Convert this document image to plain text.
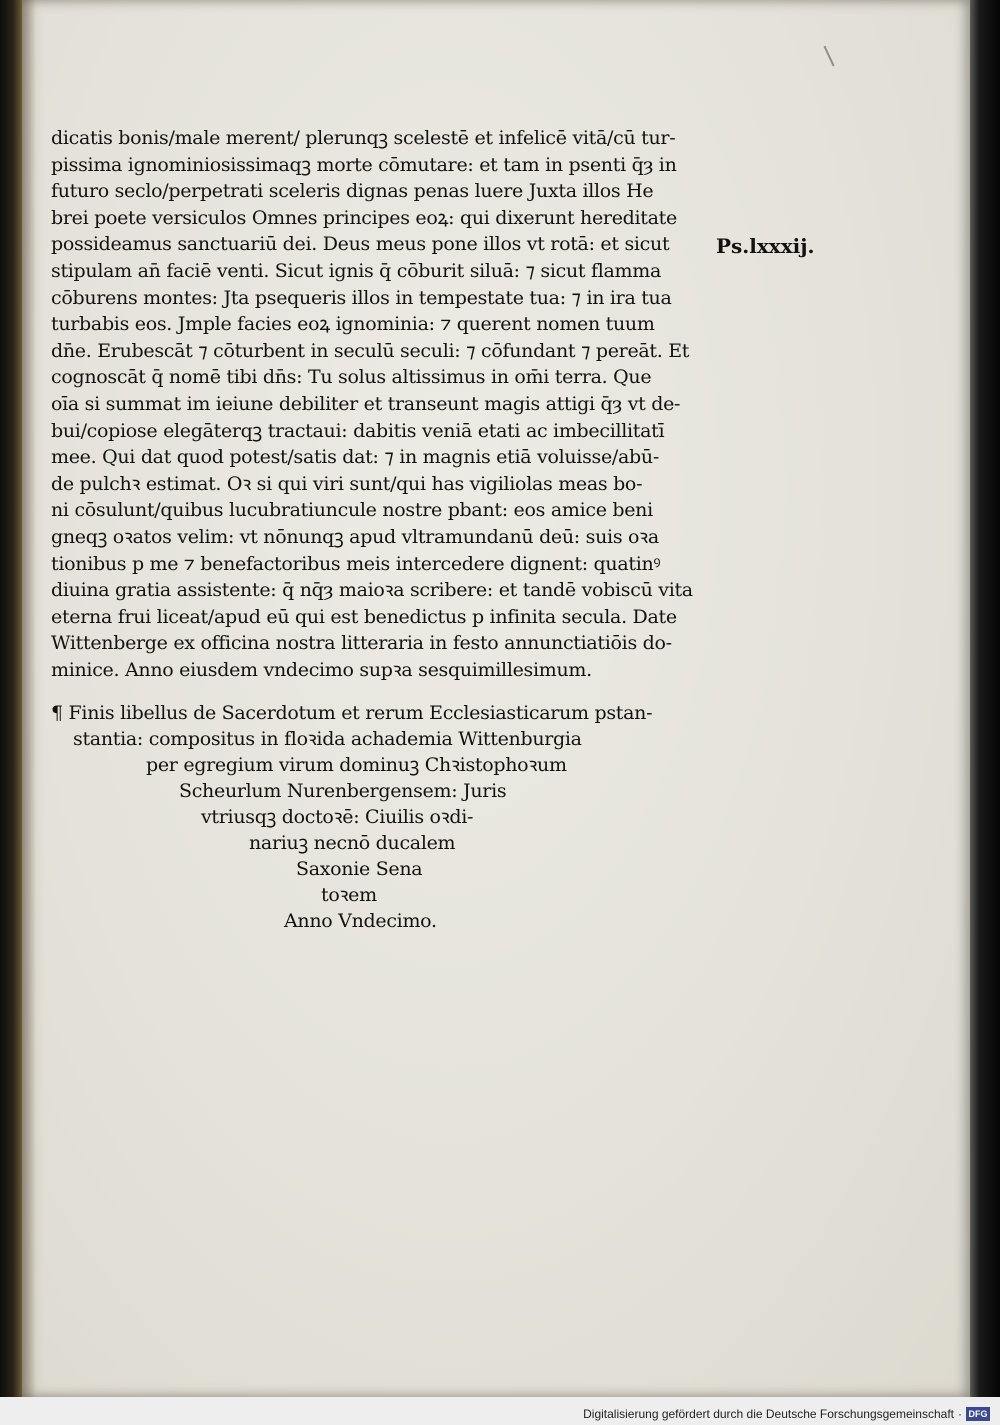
dicatis bonis/male merent/ plerunqꝫ scelestē et infelicē vitā/cū tur-
pissima ignominiosissimaqꝫ morte cōmutare: et tam in psenti q̄ȝ in
futuro seclo/perpetrati sceleris dignas penas luere Juxta illos He
brei poete versiculos Omnes principes eoꝝ: qui dixerunt hereditate
possideamus sanctuariū dei. Deus meus pone illos vt rotā: et sicut
stipulam an̄ faciē venti. Sicut ignis q̄ cōburit siluā: ⁊ sicut flamma
cōburens montes: Jta psequeris illos in tempestate tua: ⁊ in ira tua
turbabis eos. Jmple facies eoꝝ ignominia: ⁊ querent nomen tuum
dn̄e. Erubescāt ⁊ cōturbent in seculū seculi: ⁊ cōfundant ⁊ pereāt. Et
cognoscāt q̄ nomē tibi dn̄s: Tu solus altissimus in om̄i terra. Que
oīa si summat im ieiune debiliter et transeunt magis attigi q̄ȝ vt de-
bui/copiose elegāterqꝫ tractaui: dabitis veniā etati ac imbecillitatī
mee. Qui dat quod potest/satis dat: ⁊ in magnis etiā voluisse/abū-
de pulchꝛ estimat. Oꝛ si qui viri sunt/qui has vigiliolas meas bo-
ni cōsulunt/quibus lucubratiuncule nostre pbant: eos amice beni
gneqꝫ oꝛatos velim: vt nōnunqꝫ apud vltramundanū deū: suis oꝛa
tionibus p me ⁊ benefactoribus meis intercedere dignent: quatinꝰ
diuina gratia assistente: q̄ nq̄ȝ maioꝛa scribere: et tandē vobiscū vita
eterna frui liceat/apud eū qui est benedictus p infinita secula. Date
Wittenberge ex officina nostra litteraria in festo annunctiatiōis do-
minice. Anno eiusdem vndecimo supꝛa sesquimillesimum.
Ps.lxxxij.
¶ Finis libellus de Sacerdotum et rerum Ecclesiasticarum pstan-
stantia: compositus in floꝛida achademia Wittenburgia
per egregium virum dominuꝫ Chꝛistophoꝛum
Scheurlum Nurenbergensem: Juris
vtriusqꝫ doctoꝛē: Ciuilis oꝛdi-
nariuꝫ necnō ducalem
Saxonie Sena
toꝛem
Anno Vndecimo.
Digitalisierung gefördert durch die Deutsche Forschungsgemeinschaft · DFG
